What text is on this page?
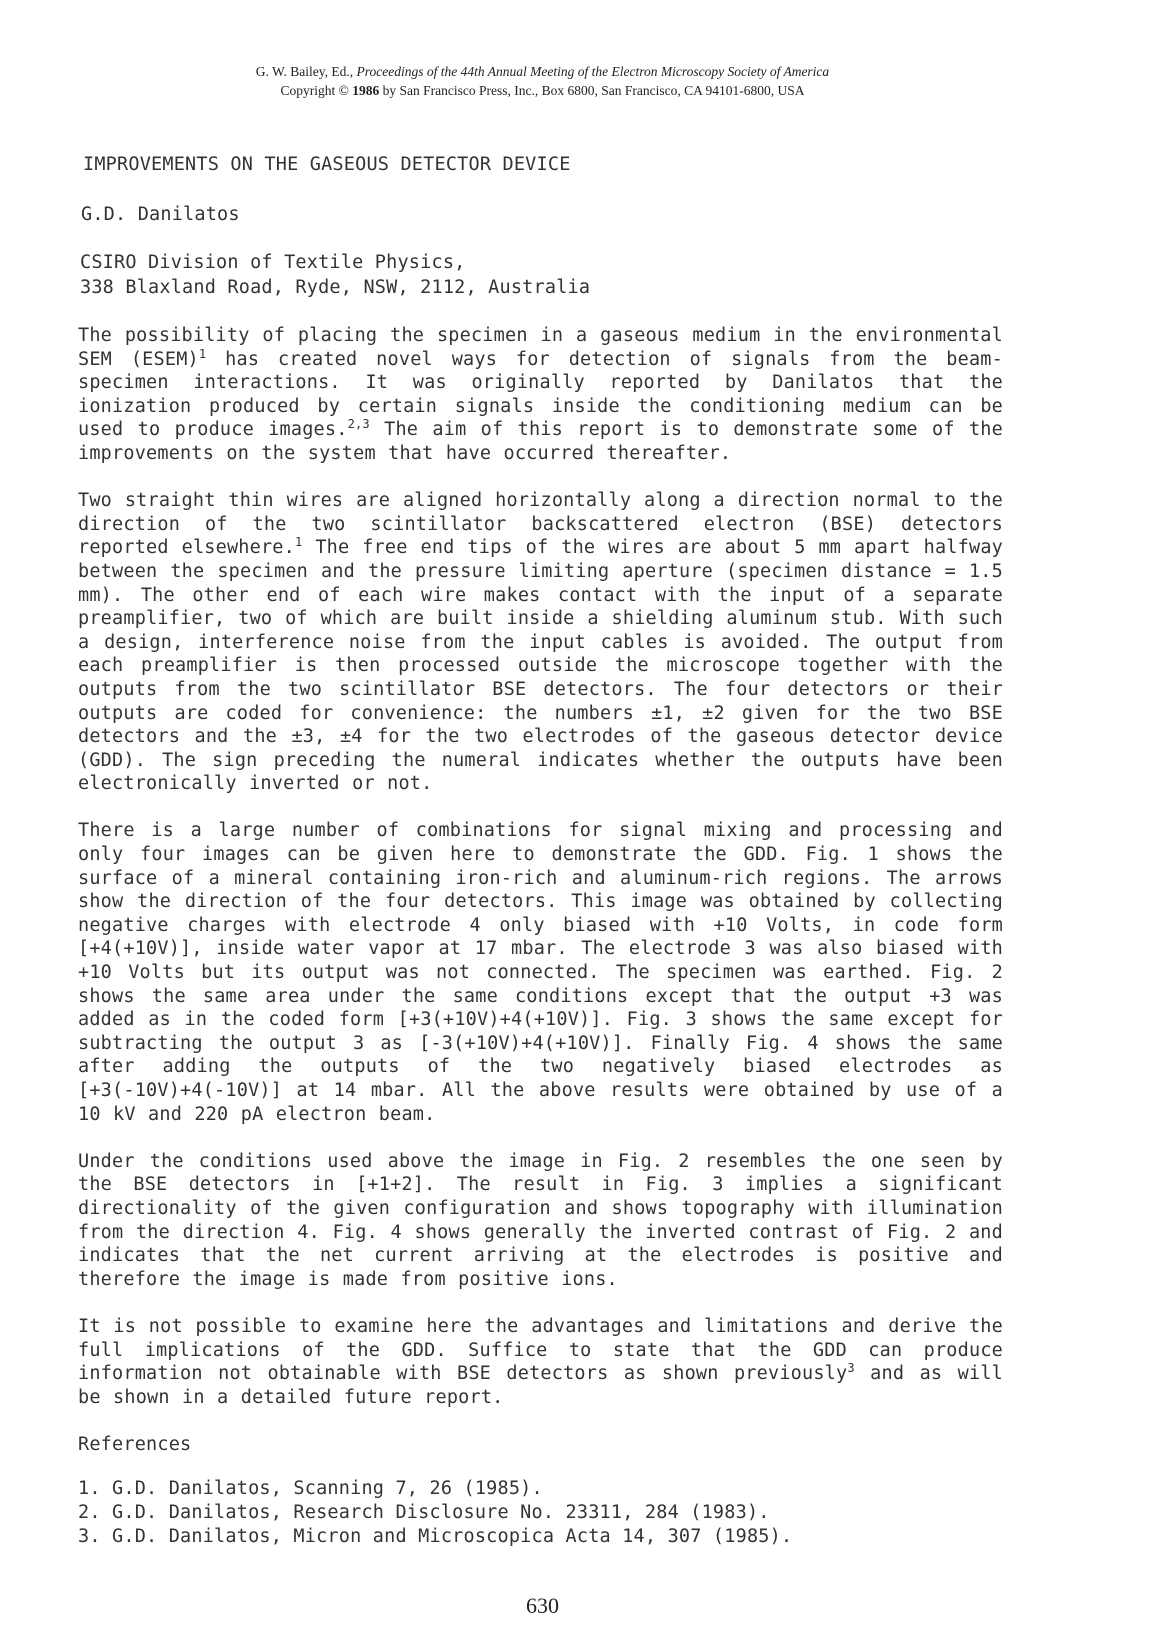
G. W. Bailey, Ed., Proceedings of the 44th Annual Meeting of the Electron Microscopy Society of America
Copyright © 1986 by San Francisco Press, Inc., Box 6800, San Francisco, CA 94101-6800, USA
IMPROVEMENTS ON THE GASEOUS DETECTOR DEVICE
G.D. Danilatos
CSIRO Division of Textile Physics,
338 Blaxland Road, Ryde, NSW, 2112, Australia

The possibility of placing the specimen in a gaseous medium in the environmental SEM (ESEM)$^1$ has created novel ways for detection of signals from the beam-specimen interactions. It was originally reported by Danilatos that the ionization produced by certain signals inside the conditioning medium can be used to produce images.$^{2,3}$ The aim of this report is to demonstrate some of the improvements on the system that have occurred thereafter.

Two straight thin wires are aligned horizontally along a direction normal to the direction of the two scintillator backscattered electron (BSE) detectors reported elsewhere.$^1$ The free end tips of the wires are about 5 mm apart halfway between the specimen and the pressure limiting aperture (specimen distance = 1.5 mm). The other end of each wire makes contact with the input of a separate preamplifier, two of which are built inside a shielding aluminum stub. With such a design, interference noise from the input cables is avoided. The output from each preamplifier is then processed outside the microscope together with the outputs from the two scintillator BSE detectors. The four detectors or their outputs are coded for convenience: the numbers ±1, ±2 given for the two BSE detectors and the ±3, ±4 for the two electrodes of the gaseous detector device (GDD). The sign preceding the numeral indicates whether the outputs have been electronically inverted or not.

There is a large number of combinations for signal mixing and processing and only four images can be given here to demonstrate the GDD. Fig. 1 shows the surface of a mineral containing iron-rich and aluminum-rich regions. The arrows show the direction of the four detectors. This image was obtained by collecting negative charges with electrode 4 only biased with +10 Volts, in code form [+4(+10V)], inside water vapor at 17 mbar. The electrode 3 was also biased with +10 Volts but its output was not connected. The specimen was earthed. Fig. 2 shows the same area under the same conditions except that the output +3 was added as in the coded form [+3(+10V)+4(+10V)]. Fig. 3 shows the same except for subtracting the output 3 as [-3(+10V)+4(+10V)]. Finally Fig. 4 shows the same after adding the outputs of the two negatively biased electrodes as [+3(-10V)+4(-10V)] at 14 mbar. All the above results were obtained by use of a 10 kV and 220 pA electron beam.

Under the conditions used above the image in Fig. 2 resembles the one seen by the BSE detectors in [+1+2]. The result in Fig. 3 implies a significant directionality of the given configuration and shows topography with illumination from the direction 4. Fig. 4 shows generally the inverted contrast of Fig. 2 and indicates that the net current arriving at the electrodes is positive and therefore the image is made from positive ions.

It is not possible to examine here the advantages and limitations and derive the full implications of the GDD. Suffice to state that the GDD can produce information not obtainable with BSE detectors as shown previously$^3$ and as will be shown in a detailed future report.

References
1. G.D. Danilatos, Scanning 7, 26 (1985).
2. G.D. Danilatos, Research Disclosure No. 23311, 284 (1983).
3. G.D. Danilatos, Micron and Microscopica Acta 14, 307 (1985).
630
